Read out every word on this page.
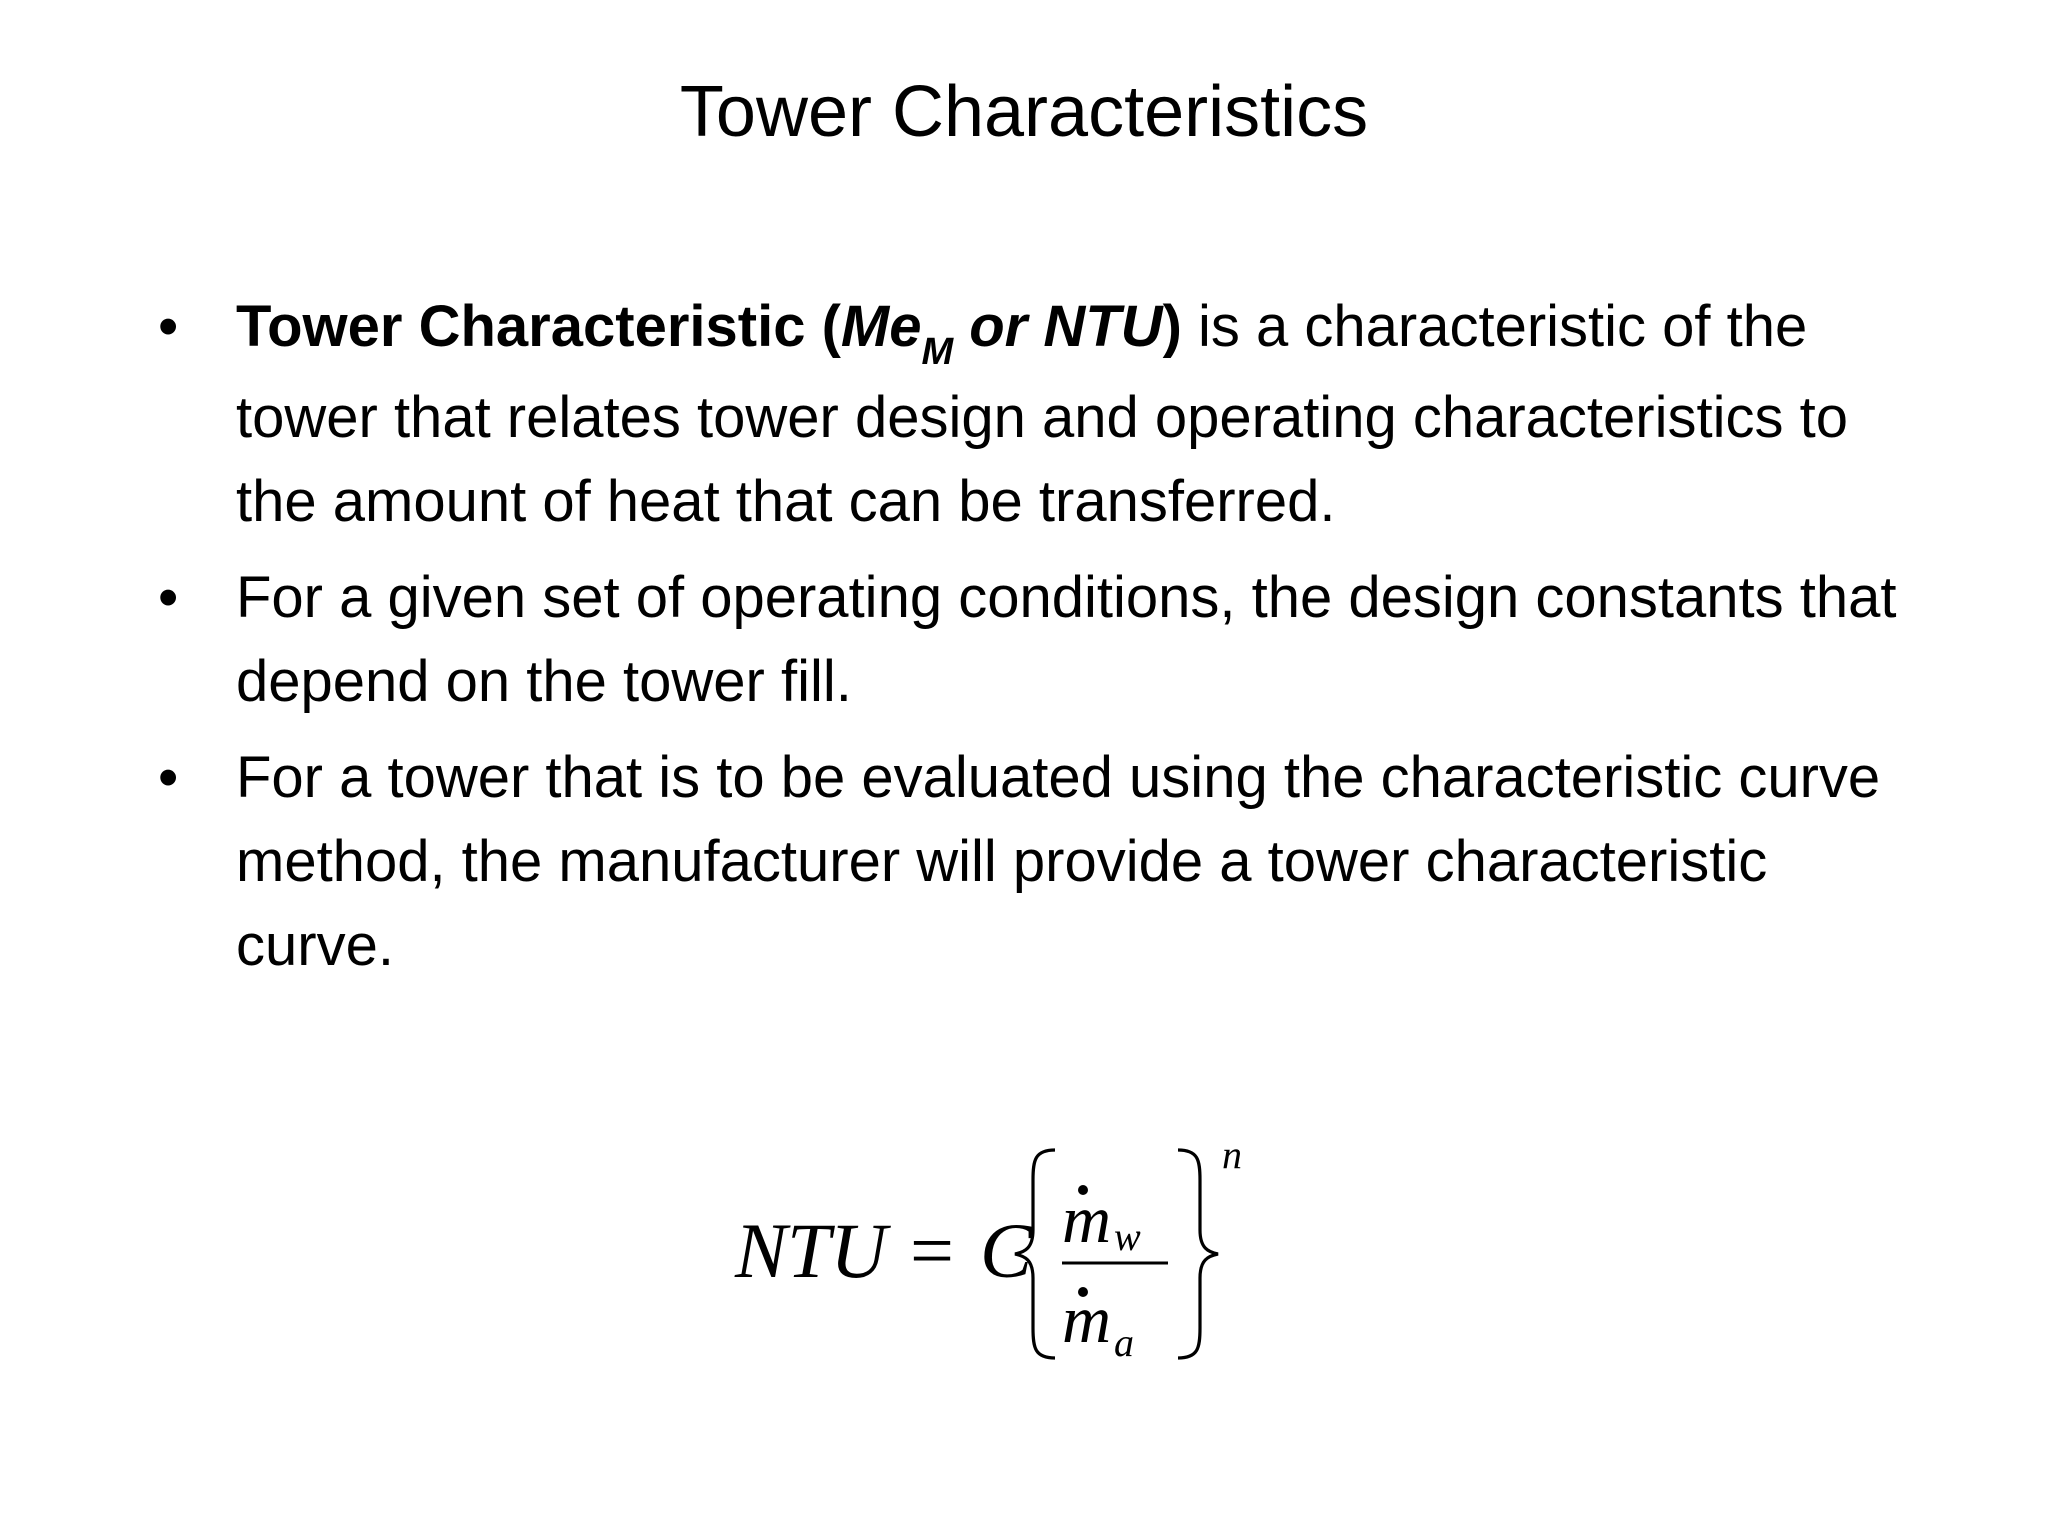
Tower Characteristics
• Tower Characteristic ($Me_M$ or NTU) is a characteristic of the tower that relates tower design and operating characteristics to the amount of heat that can be transferred.
• For a given set of operating conditions, the design constants that depend on the tower fill.
• For a tower that is to be evaluated using the characteristic curve method, the manufacturer will provide a tower characteristic curve.
NTU = C m w
m a
n
